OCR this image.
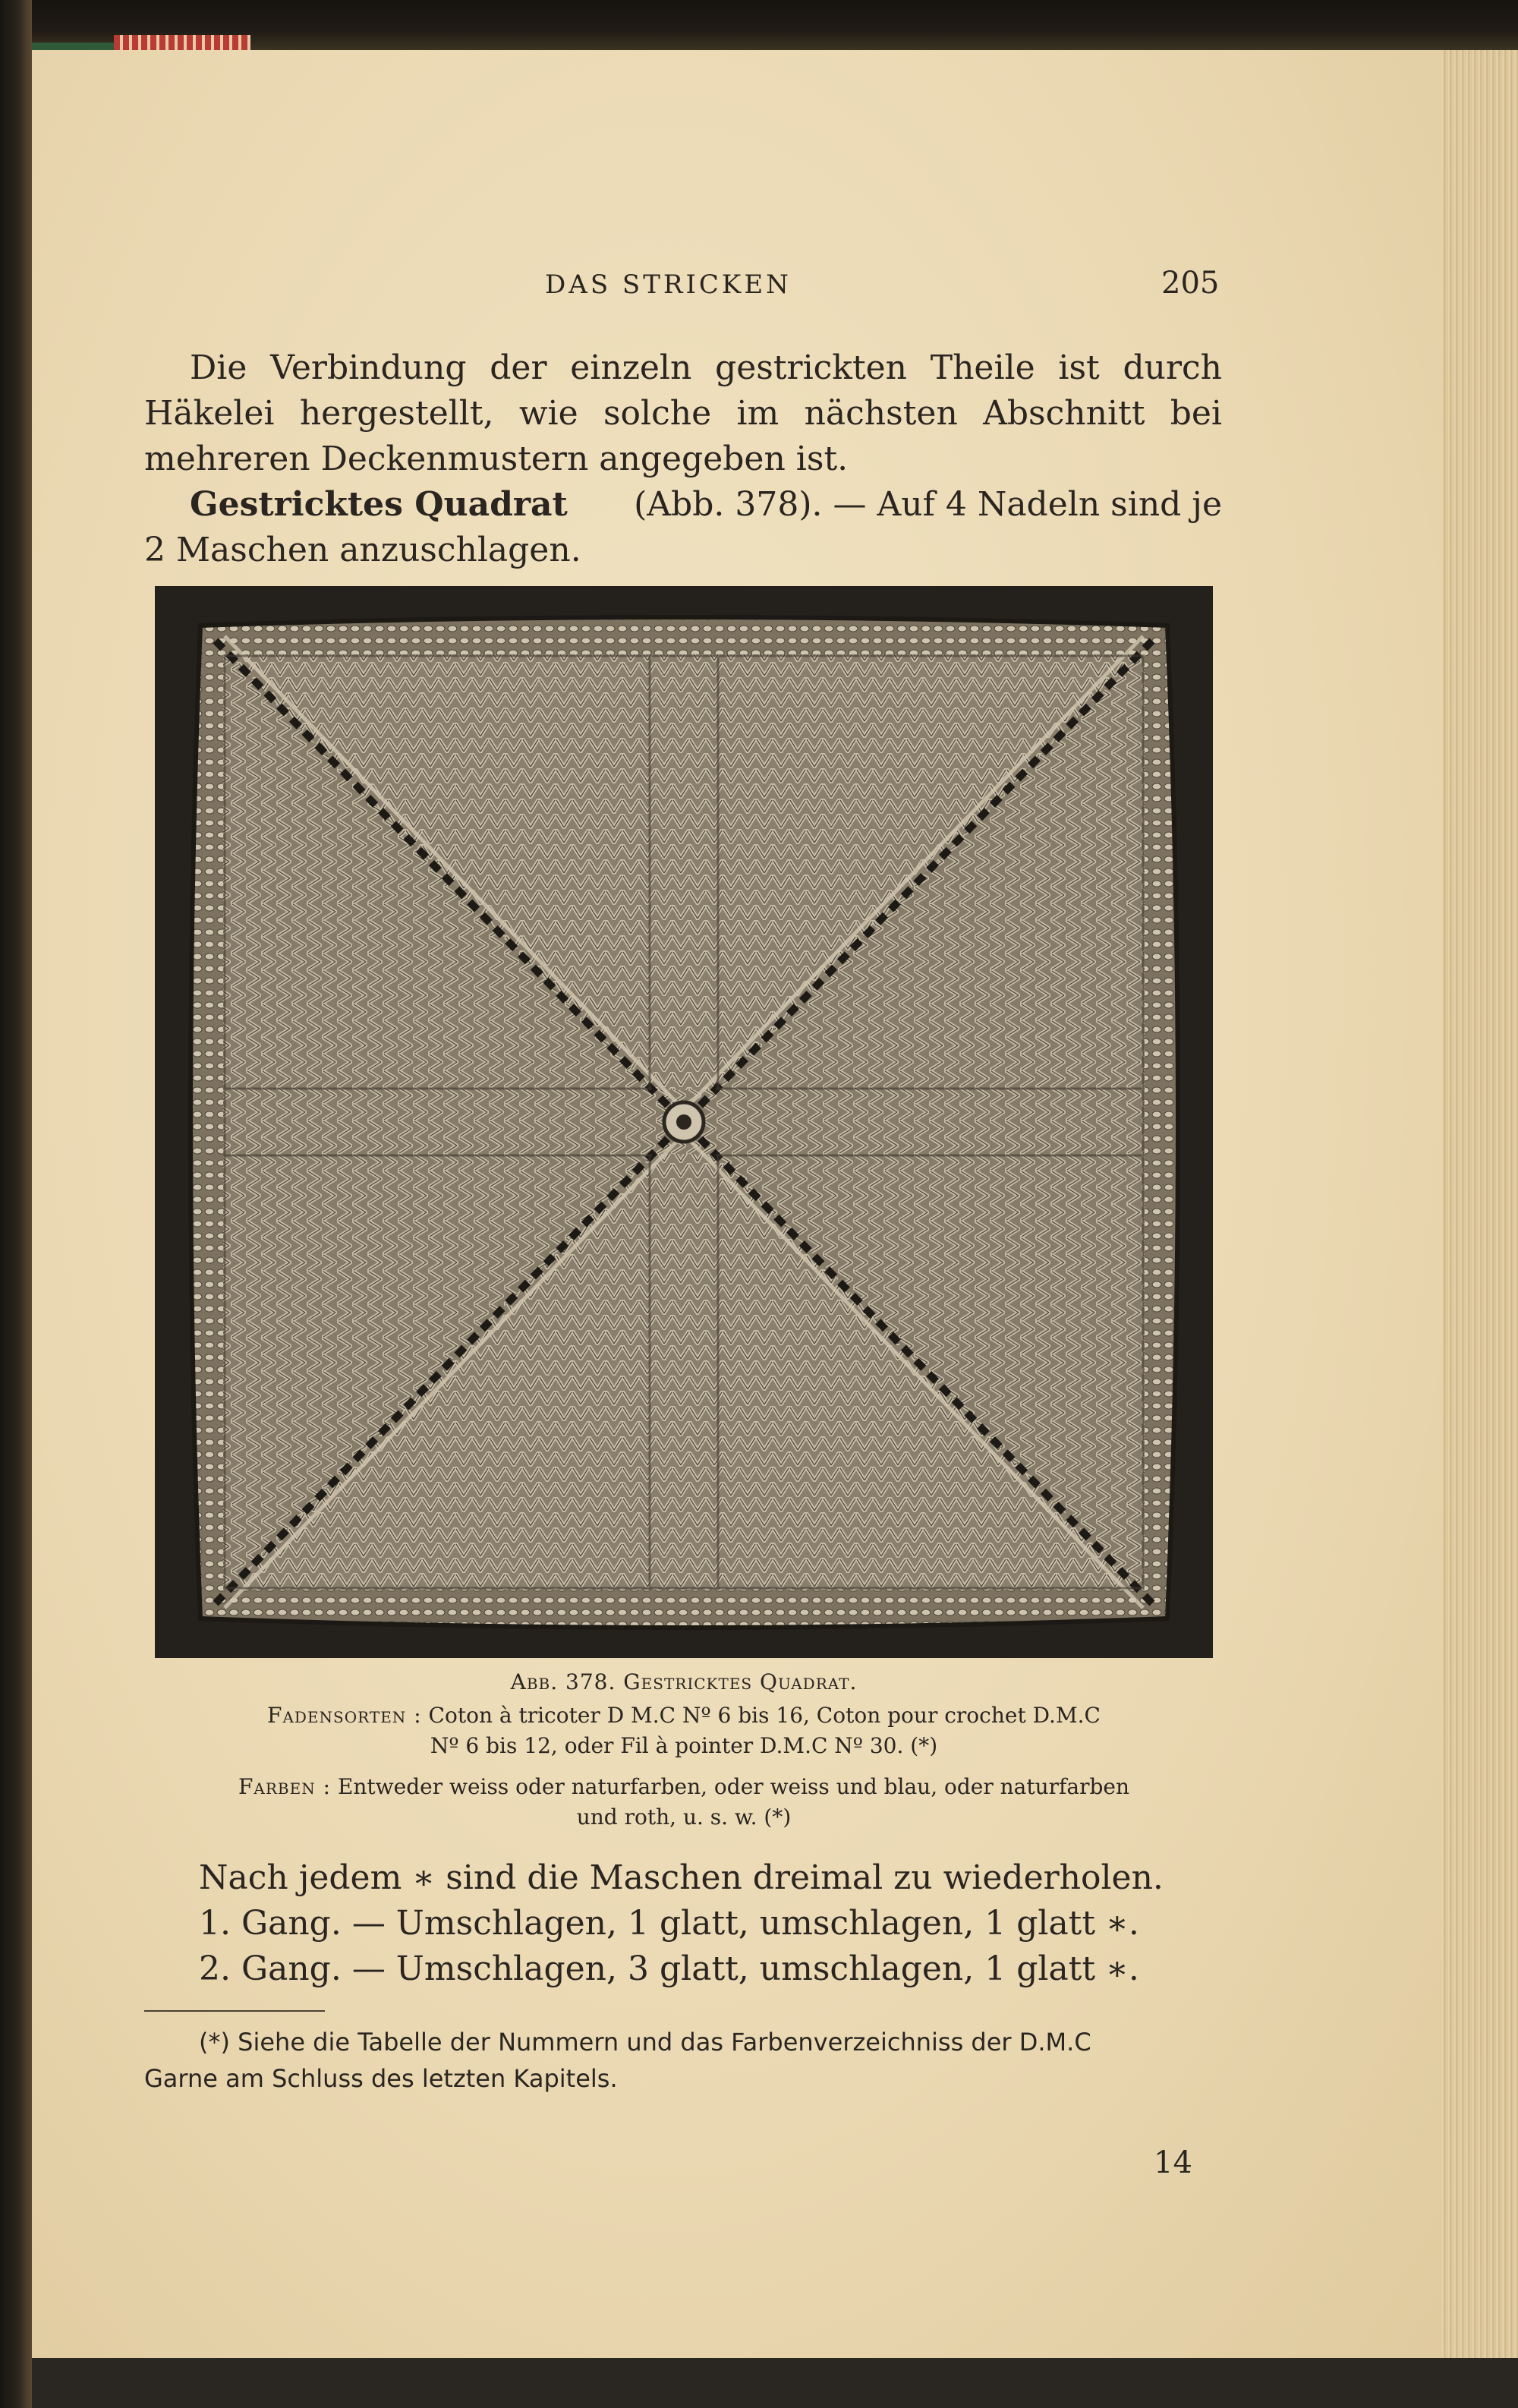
DAS STRICKEN	205
Die Verbindung der einzeln gestrickten Theile ist durch
Häkelei hergestellt, wie solche im nächsten Abschnitt bei
mehreren Deckenmustern angegeben ist.
Gestricktes Quadrat (Abb. 378). — Auf 4 Nadeln sind je
2 Maschen anzuschlagen.
Abb. 378. Gestricktes Quadrat.
Fadensorten : Coton à tricoter D M.C Nº 6 bis 16, Coton pour crochet D.M.C
Nº 6 bis 12, oder Fil à pointer D.M.C Nº 30. (*)
Farben : Entweder weiss oder naturfarben, oder weiss und blau, oder naturfarben
und roth, u. s. w. (*)
Nach jedem ∗ sind die Maschen dreimal zu wiederholen.
1. Gang. — Umschlagen, 1 glatt, umschlagen, 1 glatt ∗.
2. Gang. — Umschlagen, 3 glatt, umschlagen, 1 glatt ∗.
(*) Siehe die Tabelle der Nummern und das Farbenverzeichniss der D.M.C
Garne am Schluss des letzten Kapitels.
14
